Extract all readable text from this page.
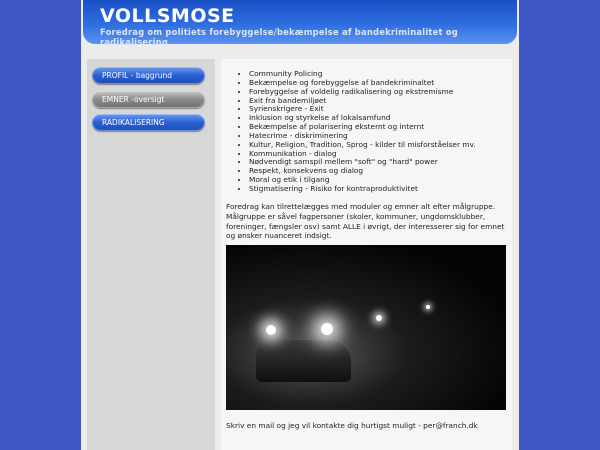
VOLLSMOSE
Foredrag om politiets forebyggelse/bekæmpelse af bandekriminalitet og radikalisering
PROFIL - baggrund
EMNER -oversigt
RADIKALISERING
• Community Policing
• Bekæmpelse og forebyggelse af bandekriminaltet
• Forebyggelse af voldelig radikalisering og ekstremisme
• Exit fra bandemiljøet
• Syrienskrigere - Exit
• Inklusion og styrkelse af lokalsamfund
• Bekæmpelse af polarisering eksternt og internt
• Hatecrime - diskriminering
• Kultur, Religion, Tradition, Sprog - kilder til misforståelser mv.
• Kommunikation - dialog
• Nødvendigt samspil mellem "soft" og "hard" power
• Respekt, konsekvens og dialog
• Moral og etik i tilgang
• Stigmatisering - Risiko for kontraproduktivitet
Foredrag kan tilrettelægges med moduler og emner alt efter målgruppe. Målgruppe er såvel fagpersoner (skoler, kommuner, ungdomsklubber, foreninger, fængsler osv) samt ALLE i øvrigt, der interesserer sig for emnet og ønsker nuanceret indsigt.
Skriv en mail og jeg vil kontakte dig hurtigst muligt - per@franch.dk
